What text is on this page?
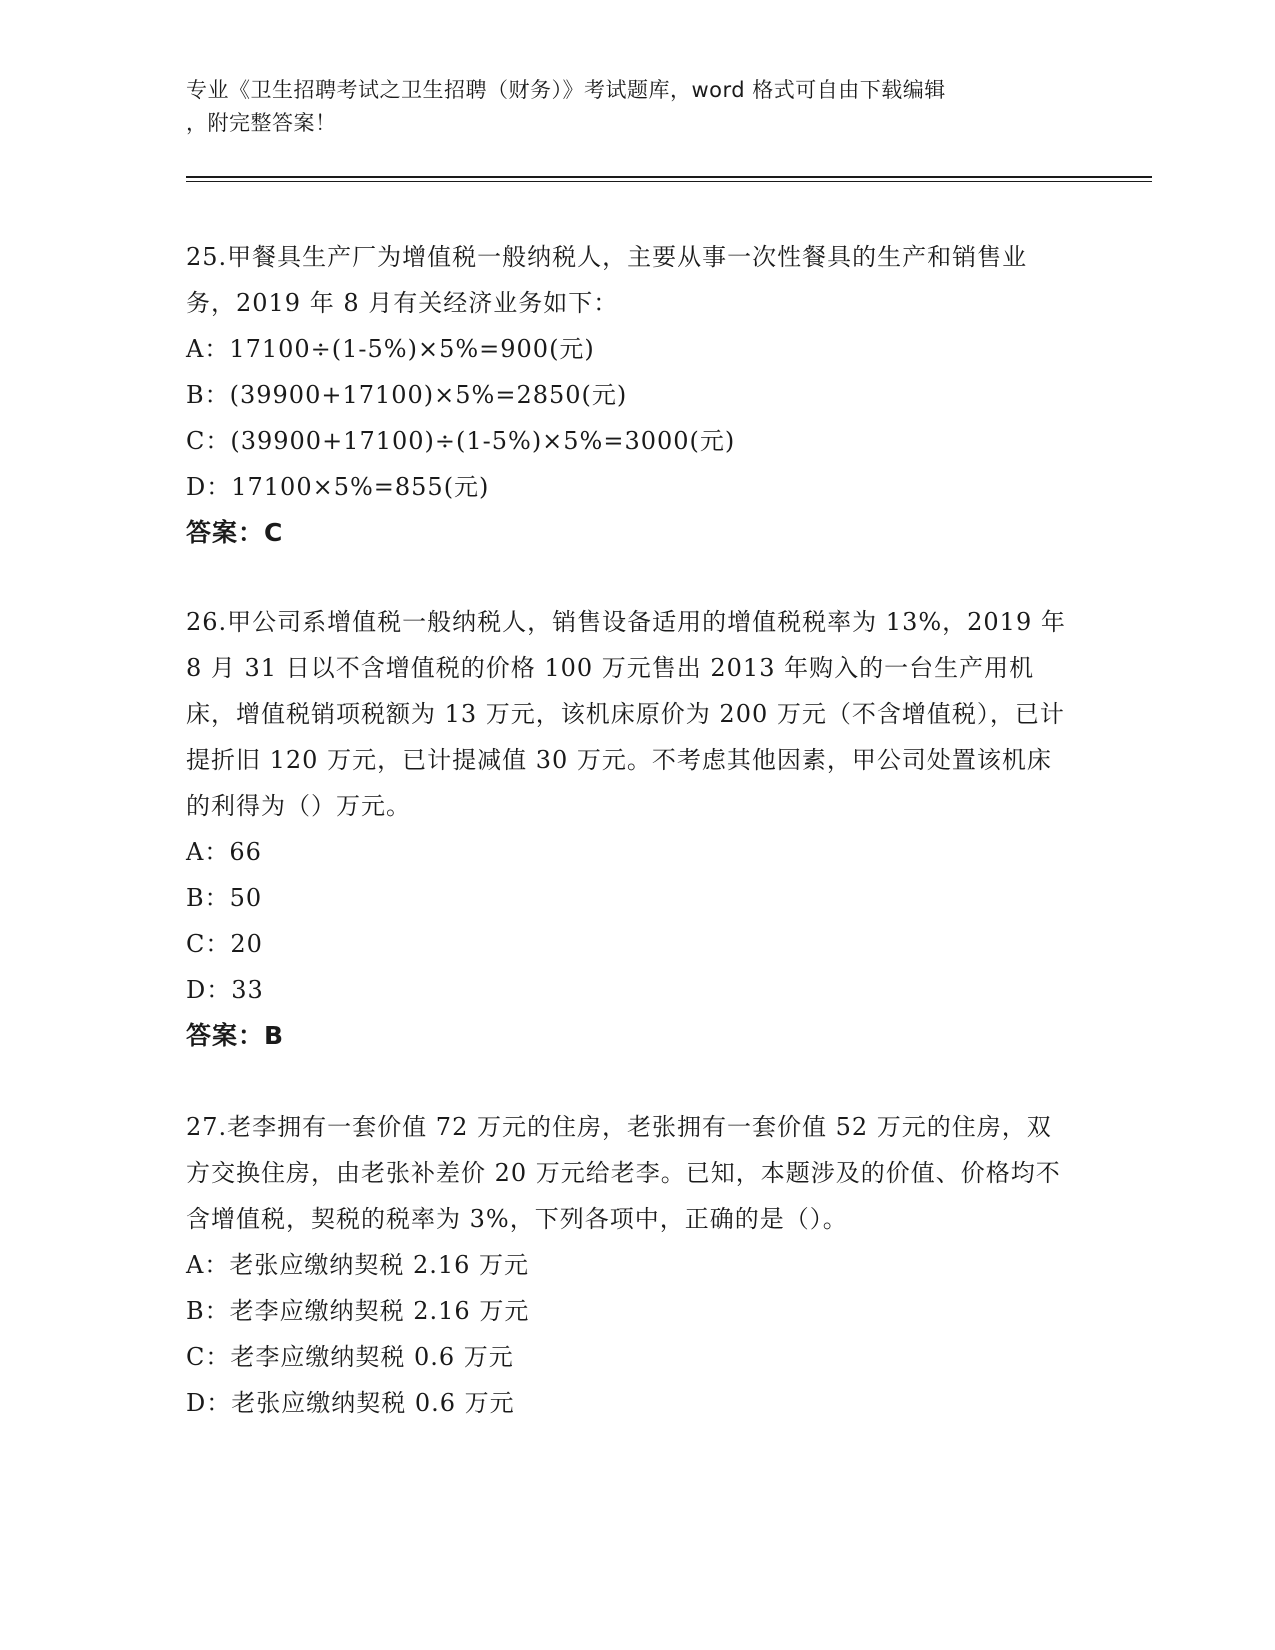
专业《卫生招聘考试之卫生招聘（财务）》考试题库，word 格式可自由下载编辑
，附完整答案！

25.甲餐具生产厂为增值税一般纳税人，主要从事一次性餐具的生产和销售业务，2019 年 8 月有关经济业务如下：

A：17100÷(1-5%)×5%=900(元)

B：(39900+17100)×5%=2850(元)

C：(39900+17100)÷(1-5%)×5%=3000(元)

D：17100×5%=855(元)

答案：C

26.甲公司系增值税一般纳税人，销售设备适用的增值税税率为 13%，2019 年 8 月 31 日以不含增值税的价格 100 万元售出 2013 年购入的一台生产用机床，增值税销项税额为 13 万元，该机床原价为 200 万元（不含增值税），已计提折旧 120 万元，已计提减值 30 万元。不考虑其他因素，甲公司处置该机床的利得为（）万元。

A：66

B：50

C：20

D：33

答案：B

27.老李拥有一套价值 72 万元的住房，老张拥有一套价值 52 万元的住房，双方交换住房，由老张补差价 20 万元给老李。已知，本题涉及的价值、价格均不含增值税，契税的税率为 3%，下列各项中，正确的是（）。

A：老张应缴纳契税 2.16 万元

B：老李应缴纳契税 2.16 万元

C：老李应缴纳契税 0.6 万元

D：老张应缴纳契税 0.6 万元
